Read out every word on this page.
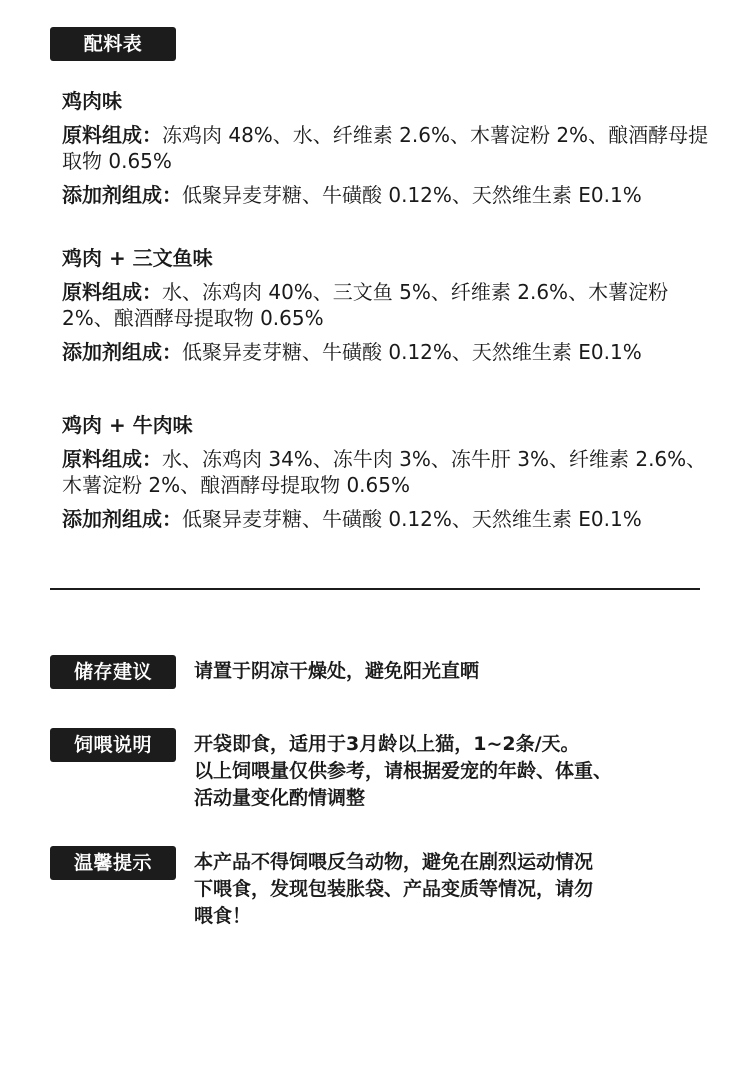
配料表
鸡肉味
原料组成：冻鸡肉 48%、水、纤维素 2.6%、木薯淀粉 2%、酿酒酵母提取物 0.65%
添加剂组成：低聚异麦芽糖、牛磺酸 0.12%、天然维生素 E0.1%
鸡肉 + 三文鱼味
原料组成：水、冻鸡肉 40%、三文鱼 5%、纤维素 2.6%、木薯淀粉 2%、酿酒酵母提取物 0.65%
添加剂组成：低聚异麦芽糖、牛磺酸 0.12%、天然维生素 E0.1%
鸡肉 + 牛肉味
原料组成：水、冻鸡肉 34%、冻牛肉 3%、冻牛肝 3%、纤维素 2.6%、木薯淀粉 2%、酿酒酵母提取物 0.65%
添加剂组成：低聚异麦芽糖、牛磺酸 0.12%、天然维生素 E0.1%
储存建议	请置于阴凉干燥处，避免阳光直晒
饲喂说明	开袋即食，适用于3月龄以上猫，1~2条/天。
以上饲喂量仅供参考，请根据爱宠的年龄、体重、
活动量变化酌情调整
温馨提示	本产品不得饲喂反刍动物，避免在剧烈运动情况
下喂食，发现包装胀袋、产品变质等情况，请勿
喂食！
